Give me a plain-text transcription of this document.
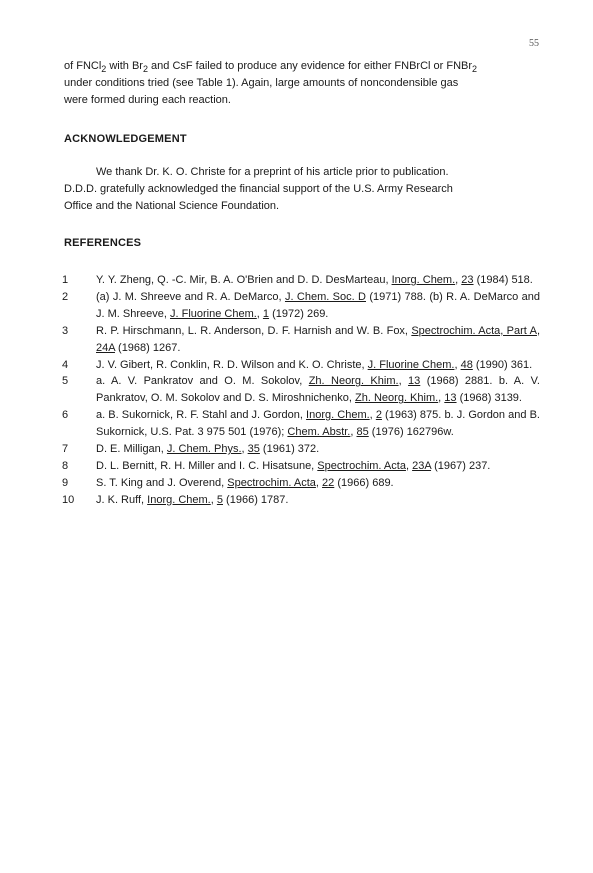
55
of FNCl$_2$ with $Br_2$ and CsF failed to produce any evidence for either FNBrCl or FNBr$_2$
under conditions tried (see Table 1). Again, large amounts of noncondensible gas
were formed during each reaction.
ACKNOWLEDGEMENT
We thank Dr. K. O. Christe for a preprint of his article prior to publication.
D.D.D. gratefully acknowledged the financial support of the U.S. Army Research
Office and the National Science Foundation.
REFERENCES
1	Y. Y. Zheng, Q. -C. Mir, B. A. O'Brien and D. D. DesMarteau, Inorg. Chem., 23 (1984) 518.
2	(a) J. M. Shreeve and R. A. DeMarco, J. Chem. Soc. D (1971) 788. (b) R. A. DeMarco and J. M. Shreeve, J. Fluorine Chem., 1 (1972) 269.
3	R. P. Hirschmann, L. R. Anderson, D. F. Harnish and W. B. Fox, Spectrochim. Acta, Part A, 24A (1968) 1267.
4	J. V. Gibert, R. Conklin, R. D. Wilson and K. O. Christe, J. Fluorine Chem., 48 (1990) 361.
5	a. A. V. Pankratov and O. M. Sokolov, Zh. Neorg. Khim., 13 (1968) 2881. b. A. V. Pankratov, O. M. Sokolov and D. S. Miroshnichenko, Zh. Neorg. Khim., 13 (1968) 3139.
6	a. B. Sukornick, R. F. Stahl and J. Gordon, Inorg. Chem., 2 (1963) 875. b. J. Gordon and B. Sukornick, U.S. Pat. 3 975 501 (1976); Chem. Abstr., 85 (1976) 162796w.
7	D. E. Milligan, J. Chem. Phys., 35 (1961) 372.
8	D. L. Bernitt, R. H. Miller and I. C. Hisatsune, Spectrochim. Acta, 23A (1967) 237.
9	S. T. King and J. Overend, Spectrochim. Acta, 22 (1966) 689.
10	J. K. Ruff, Inorg. Chem., 5 (1966) 1787.
